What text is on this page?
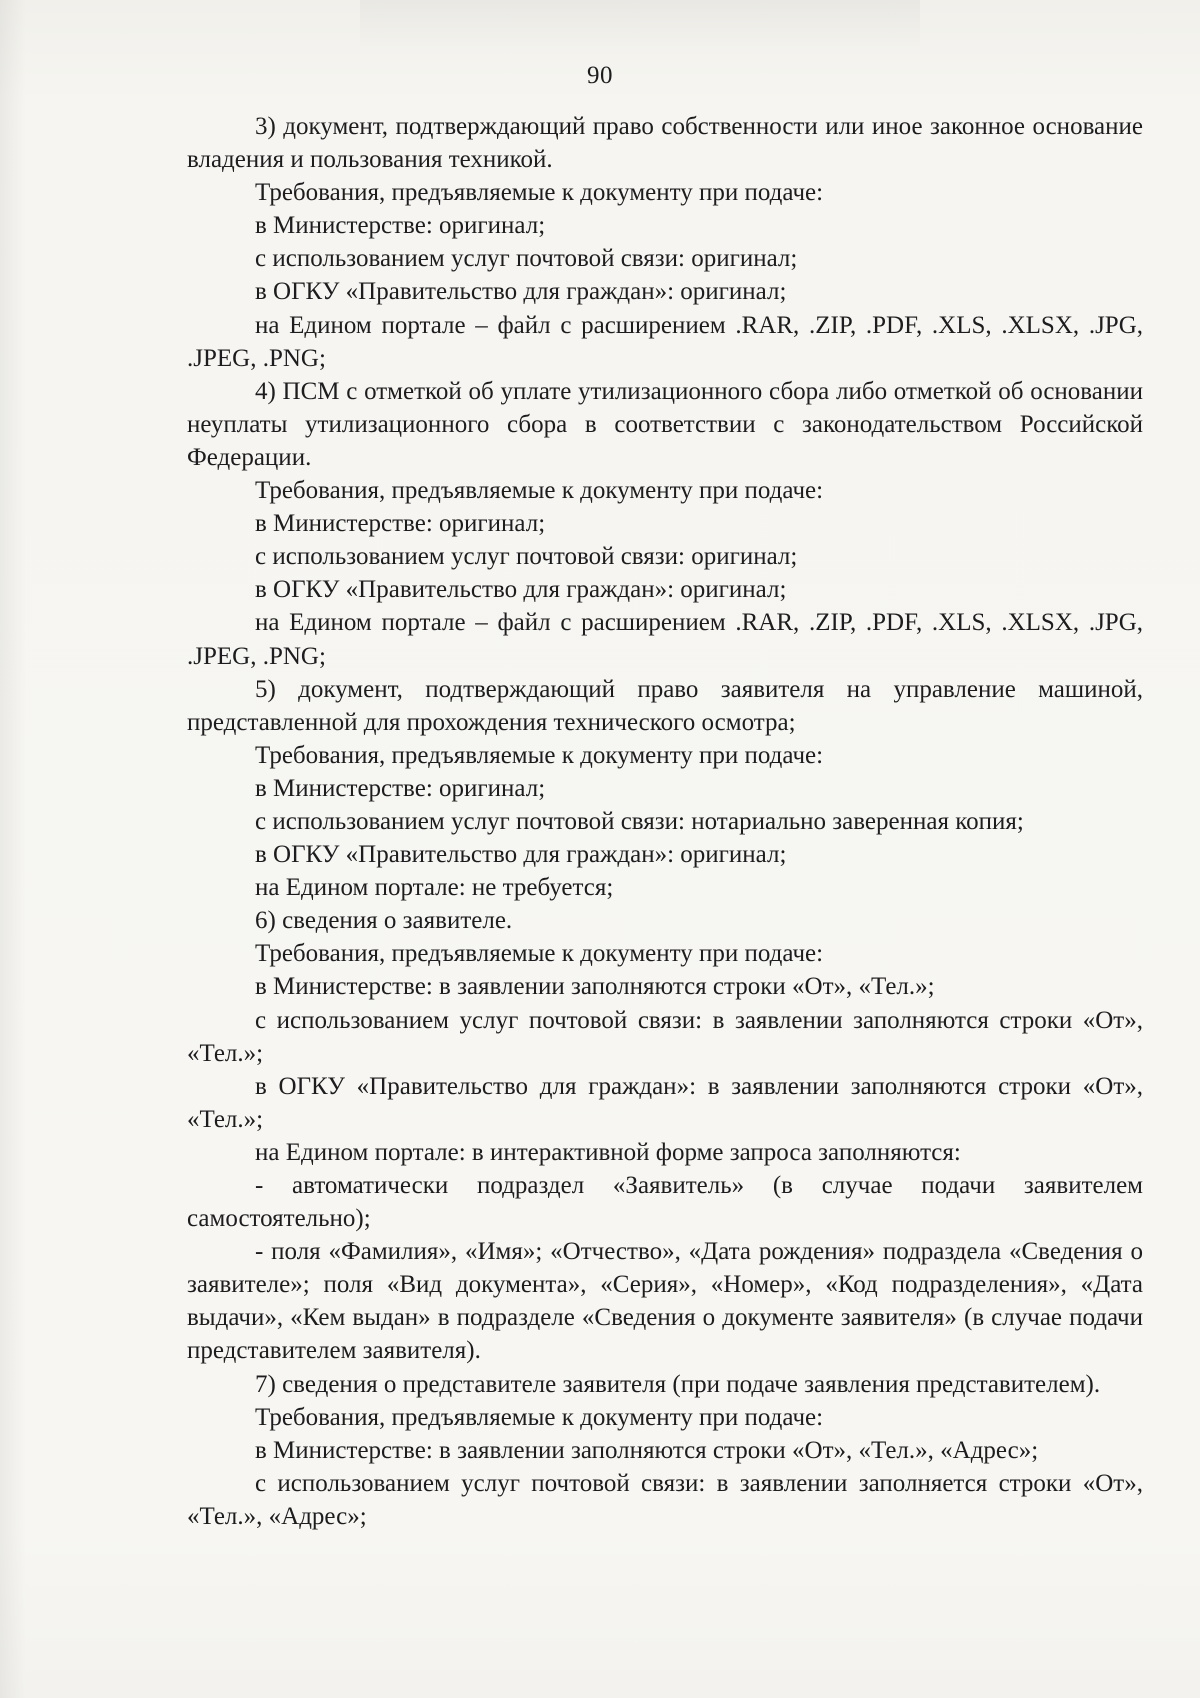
90

3) документ, подтверждающий право собственности или иное законное основание владения и пользования техникой.

Требования, предъявляемые к документу при подаче:

в Министерстве: оригинал;

с использованием услуг почтовой связи: оригинал;

в ОГКУ «Правительство для граждан»: оригинал;

на Едином портале – файл с расширением .RAR, .ZIP, .PDF, .XLS, .XLSX, .JPG, .JPEG, .PNG;

4) ПСМ с отметкой об уплате утилизационного сбора либо отметкой об основании неуплаты утилизационного сбора в соответствии с законодательством Российской Федерации.

Требования, предъявляемые к документу при подаче:

в Министерстве: оригинал;

с использованием услуг почтовой связи: оригинал;

в ОГКУ «Правительство для граждан»: оригинал;

на Едином портале – файл с расширением .RAR, .ZIP, .PDF, .XLS, .XLSX, .JPG, .JPEG, .PNG;

5) документ, подтверждающий право заявителя на управление машиной, представленной для прохождения технического осмотра;

Требования, предъявляемые к документу при подаче:

в Министерстве: оригинал;

с использованием услуг почтовой связи: нотариально заверенная копия;

в ОГКУ «Правительство для граждан»: оригинал;

на Едином портале: не требуется;

6) сведения о заявителе.

Требования, предъявляемые к документу при подаче:

в Министерстве: в заявлении заполняются строки «От», «Тел.»;

с использованием услуг почтовой связи: в заявлении заполняются строки «От», «Тел.»;

в ОГКУ «Правительство для граждан»: в заявлении заполняются строки «От», «Тел.»;

на Едином портале: в интерактивной форме запроса заполняются:

- автоматически подраздел «Заявитель» (в случае подачи заявителем самостоятельно);

- поля «Фамилия», «Имя»; «Отчество», «Дата рождения» подраздела «Сведения о заявителе»; поля «Вид документа», «Серия», «Номер», «Код подразделения», «Дата выдачи», «Кем выдан» в подразделе «Сведения о документе заявителя» (в случае подачи представителем заявителя).

7) сведения о представителе заявителя (при подаче заявления представителем).

Требования, предъявляемые к документу при подаче:

в Министерстве: в заявлении заполняются строки «От», «Тел.», «Адрес»;

с использованием услуг почтовой связи: в заявлении заполняется строки «От», «Тел.», «Адрес»;
